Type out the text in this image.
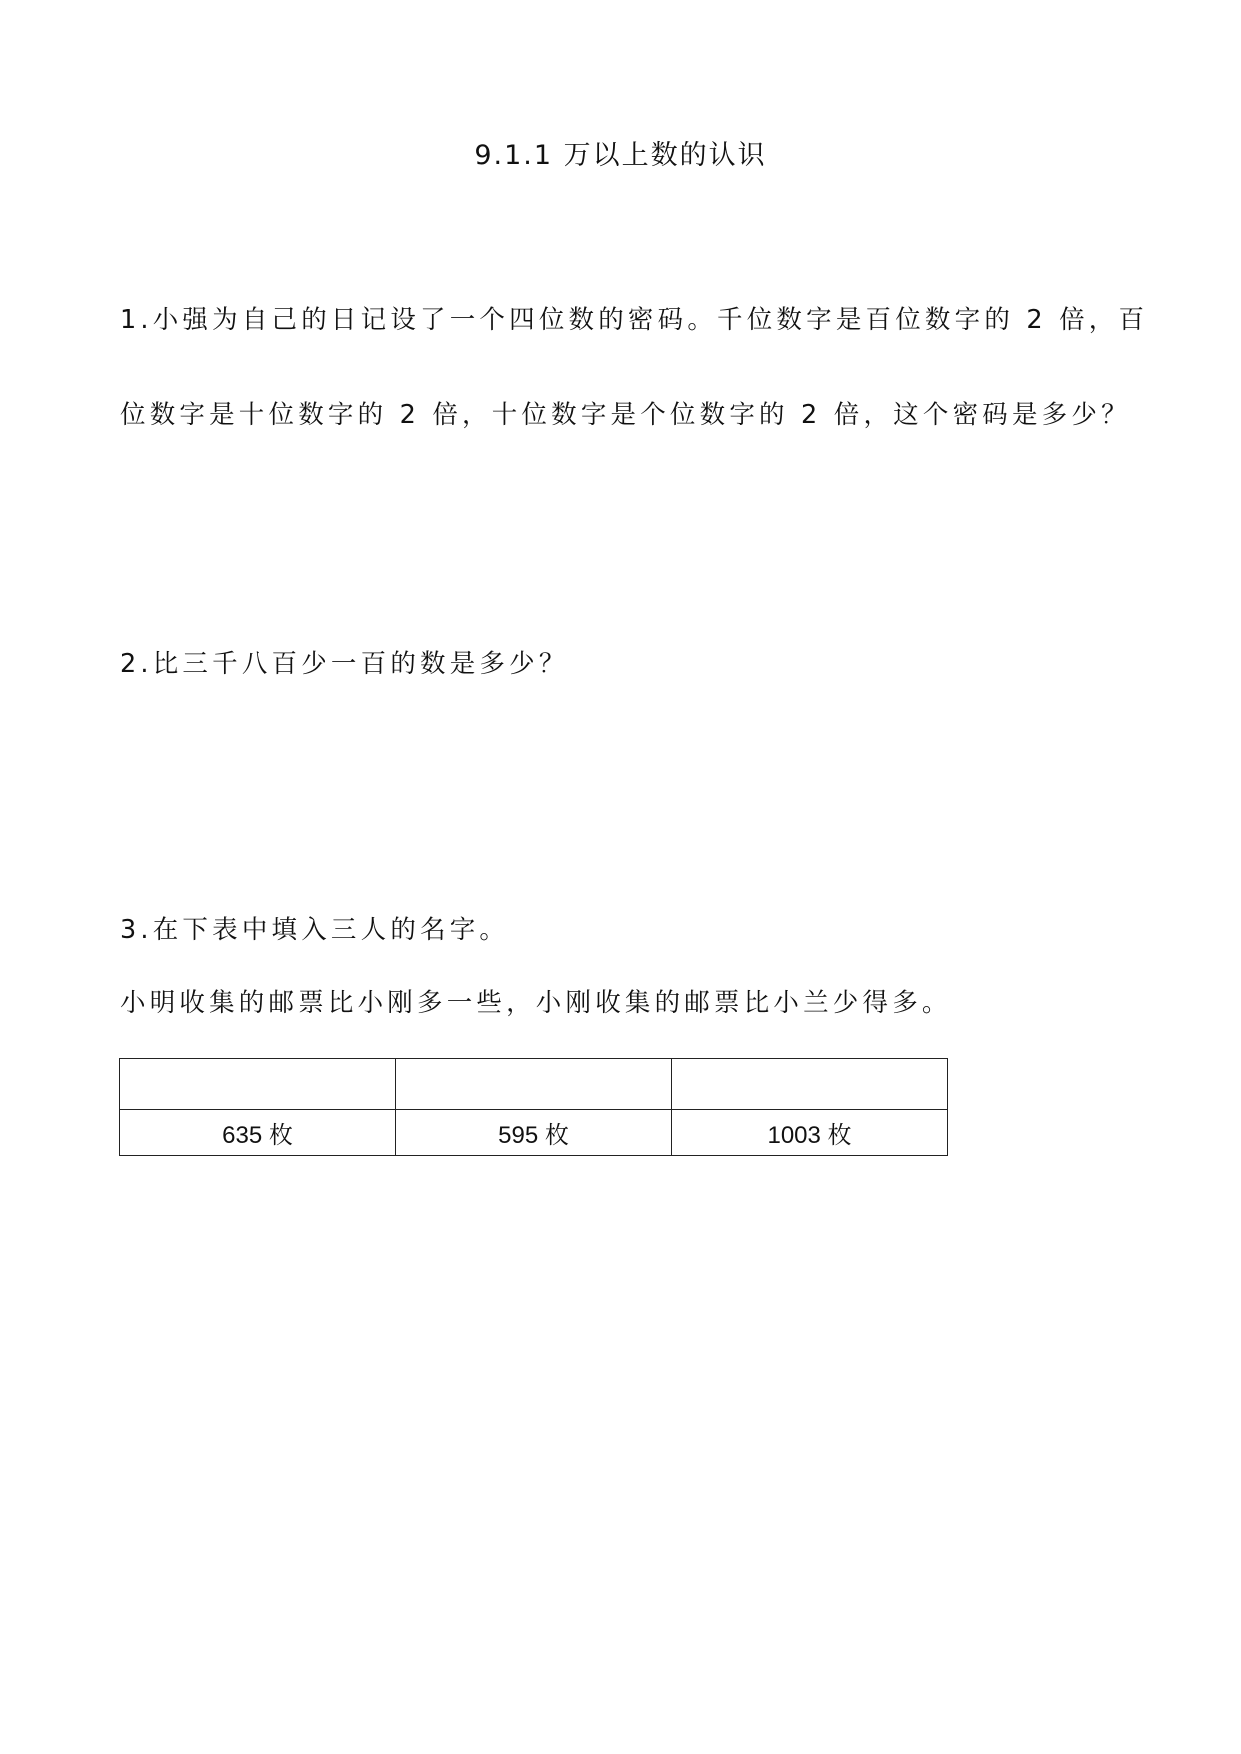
9.1.1 万以上数的认识
1.小强为自己的日记设了一个四位数的密码。千位数字是百位数字的 2 倍，百
位数字是十位数字的 2 倍，十位数字是个位数字的 2 倍，这个密码是多少？
2.比三千八百少一百的数是多少？
3.在下表中填入三人的名字。
小明收集的邮票比小刚多一些，小刚收集的邮票比小兰少得多。

635 枚	595 枚	1003 枚
